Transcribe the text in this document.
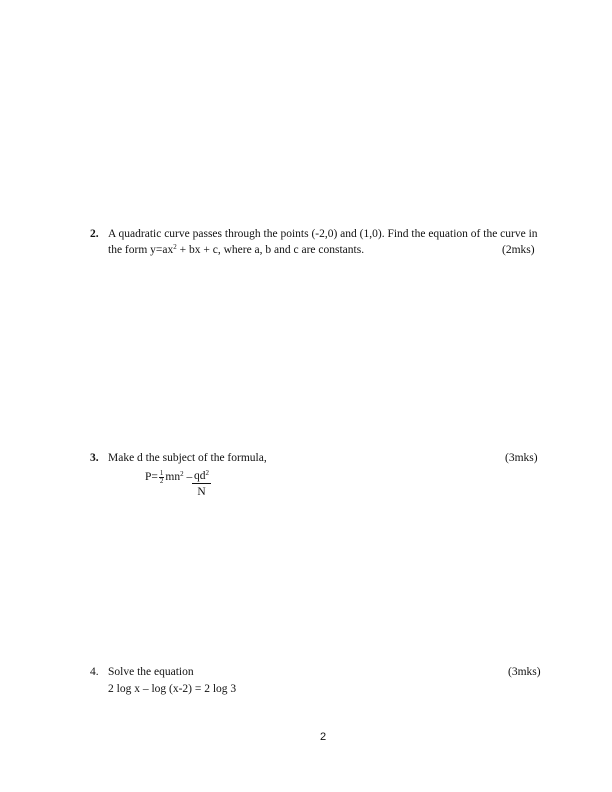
2. A quadratic curve passes through the points (-2,0) and (1,0). Find the equation of the curve in
the form $y=ax^2$ + bx + c, where a, b and c are constants.	(2mks)
3. Make d the subject of the formula,	(3mks)
$P= \frac{1}{2} mn^2 - \frac{qd^2}{N}$
4. Solve the equation	(3mks)
2 log x – log (x-2) = 2 log 3
2
